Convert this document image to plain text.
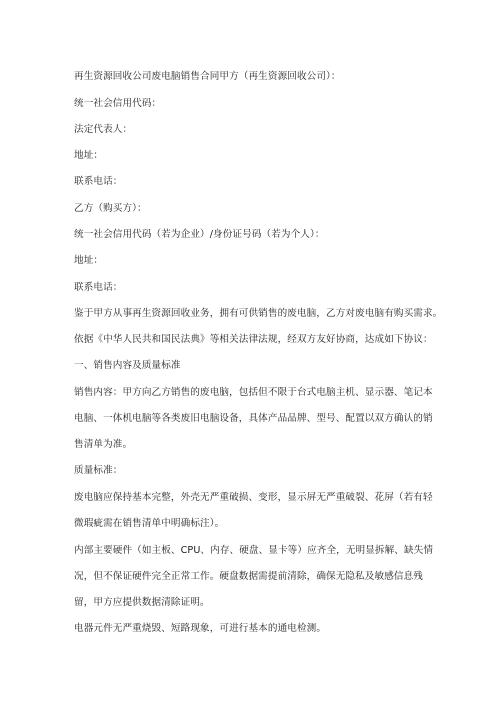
再生资源回收公司废电脑销售合同甲方（再生资源回收公司）：
统一社会信用代码：
法定代表人：
地址：
联系电话：
乙方（购买方）：
统一社会信用代码（若为企业）/身份证号码（若为个人）：
地址：
联系电话：
鉴于甲方从事再生资源回收业务，拥有可供销售的废电脑，乙方对废电脑有购买需求。
依据《中华人民共和国民法典》等相关法律法规，经双方友好协商，达成如下协议：
一、销售内容及质量标准
销售内容：甲方向乙方销售的废电脑，包括但不限于台式电脑主机、显示器、笔记本电脑、一体机电脑等各类废旧电脑设备，具体产品品牌、型号、配置以双方确认的销售清单为准。
质量标准：
废电脑应保持基本完整，外壳无严重破损、变形，显示屏无严重破裂、花屏（若有轻微瑕疵需在销售清单中明确标注）。
内部主要硬件（如主板、CPU、内存、硬盘、显卡等）应齐全，无明显拆解、缺失情况，但不保证硬件完全正常工作。硬盘数据需提前清除，确保无隐私及敏感信息残留，甲方应提供数据清除证明。
电器元件无严重烧毁、短路现象，可进行基本的通电检测。
